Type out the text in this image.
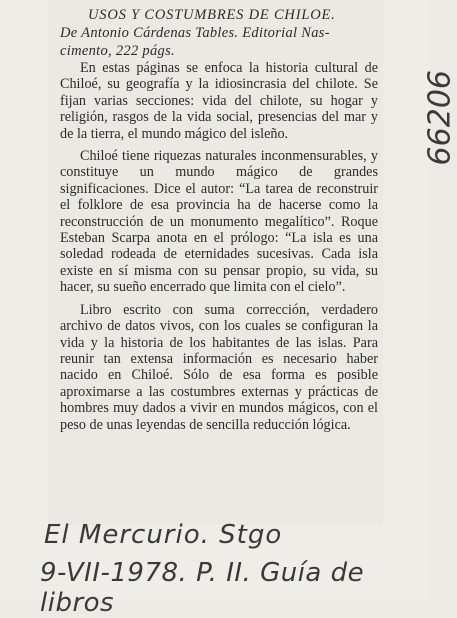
USOS Y COSTUMBRES DE CHILOE.
De Antonio Cárdenas Tables. Editorial Nas-
cimento, 222 págs.

En estas páginas se enfoca la historia cultural de Chiloé, su geografía y la idiosincrasia del chilote. Se fijan varias secciones: vida del chilote, su hogar y religión, rasgos de la vida social, presencias del mar y de la tierra, el mundo mágico del isleño.

Chiloé tiene riquezas naturales inconmensurables, y constituye un mundo mágico de grandes significaciones. Dice el autor: “La tarea de reconstruir el folklore de esa provincia ha de hacerse como la reconstrucción de un monumento megalítico”. Roque Esteban Scarpa anota en el prólogo: “La isla es una soledad rodeada de eternidades sucesivas. Cada isla existe en sí misma con su pensar propio, su vida, su hacer, su sueño encerrado que limita con el cielo”.

Libro escrito con suma corrección, verdadero archivo de datos vivos, con los cuales se configuran la vida y la historia de los habitantes de las islas. Para reunir tan extensa información es necesario haber nacido en Chiloé. Sólo de esa forma es posible aproximarse a las costumbres externas y prácticas de hombres muy dados a vivir en mundos mágicos, con el peso de unas leyendas de sencilla reducción lógica.

66206
El Mercurio. Stgo
9-VII-1978. P. II. Guía de libros
